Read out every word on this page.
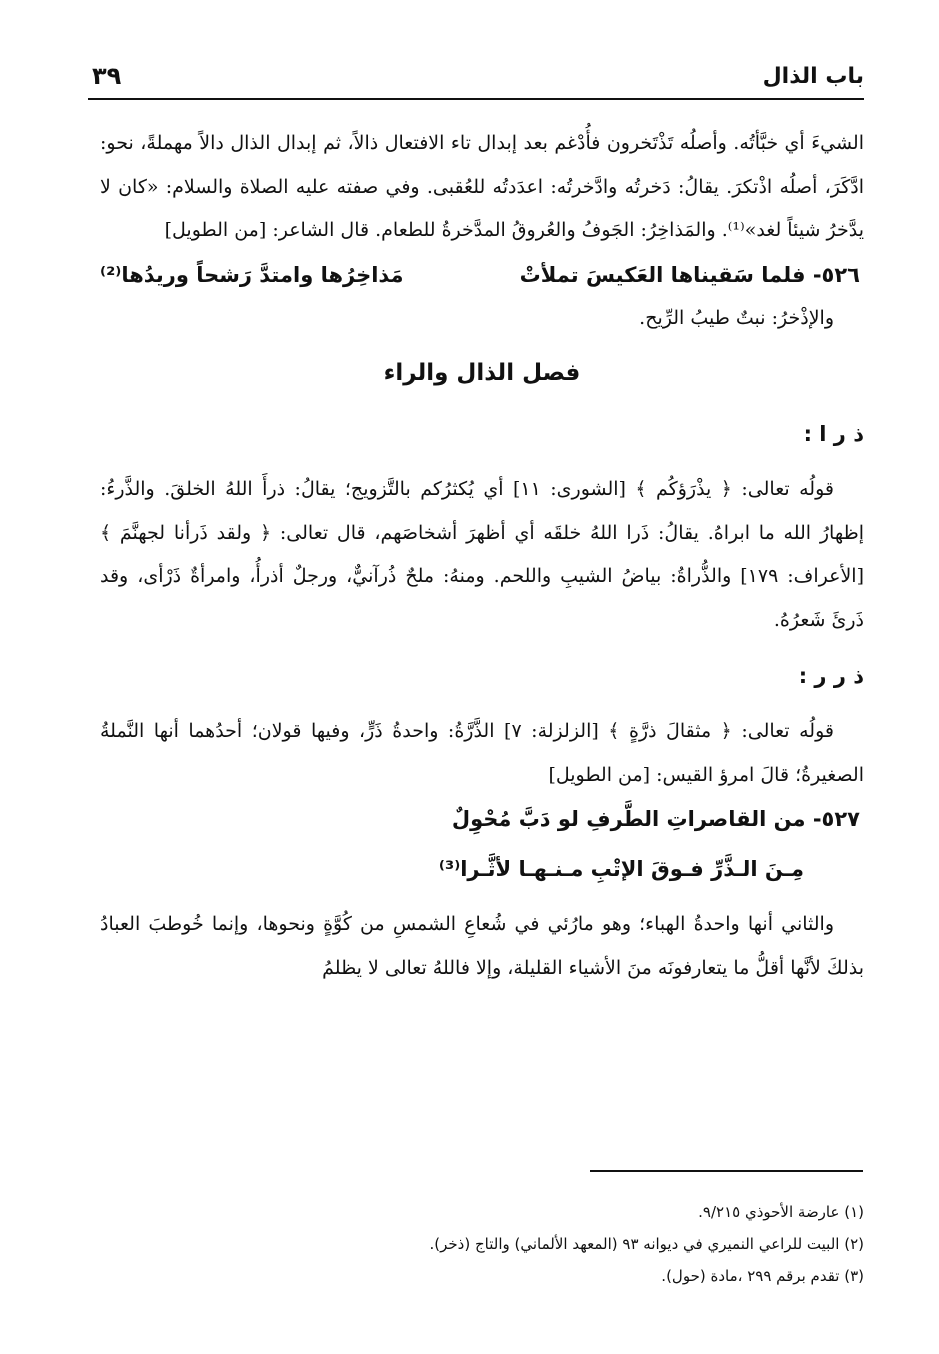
باب الذال
٣٩

الشيءَ أي خبَّأتُه. وأصلُه تَذْتَخرون فأُدْغم بعد إبدال تاء الافتعال ذالاً، ثم إبدال الذال دالاً مهملةً، نحو: ادَّكَرَ، أصلُه اذْتكرَ. يقالُ: دَخرتُه وادَّخرتُه: اعدَدتُه للعُقبى. وفي صفته عليه الصلاة والسلام: «كان لا يدَّخرُ شيئاً لغد»⁽¹⁾. والمَذاخِرُ: الجَوفُ والعُروقُ المدَّخرةُ للطعام. قال الشاعر: [من الطويل]

٥٢٦- فلما سَقيناها العَكيسَ تملأتْ
مَذاخِرُها وامتدَّ رَشحاً وريدُها⁽²⁾

والإذْخرُ: نبتٌ طيبُ الرِّيح.

فصل الذال والراء

ذ ر ا :

قولُه تعالى: ﴿ يذْرَؤكُم ﴾ [الشورى: ١١] أي يُكثرُكم بالتَّزويج؛ يقالُ: ذرأَ اللهُ الخلقَ. والذَّرءُ: إظهارُ الله ما ابراهُ. يقالُ: ذَرا اللهُ خلقَه أي أظهرَ أشخاصَهم، قال تعالى: ﴿ ولقد ذَرأنا لجهنَّمَ ﴾ [الأعراف: ١٧٩] والذُّراةُ: بياضُ الشيبِ واللحم. ومنهُ: ملحٌ ذُرآنيٌّ، ورجلٌ أذرأُ، وامرأةٌ ذَرْأى، وقد ذَرئَ شَعرُهُ.

ذ ر ر :

قولُه تعالى: ﴿ مثقالَ ذرَّةٍ ﴾ [الزلزلة: ٧] الذَّرَّةُ: واحدةُ ذَرٍّ، وفيها قولان؛ أحدُهما أنها النَّملةُ الصغيرةُ؛ قالَ امرؤ القيس: [من الطويل]

٥٢٧- من القاصراتِ الطَّرفِ لو دَبَّ مُحْوِلٌ

مِـنَ الـذَّرِّ فـوقَ الإتْبِ مـنـهـا لأثَّـرا⁽³⁾

والثاني أنها واحدةُ الهباء؛ وهو مارُئي في شُعاعِ الشمسِ من كُوَّةٍ ونحوها، وإنما خُوطبَ العبادُ بذلكَ لأنَّها أقلُّ ما يتعارفونَه منَ الأشياء القليلة، وإلا فاللهُ تعالى لا يظلمُ

(١) عارضة الأحوذي ٩/٢١٥.

(٢) البيت للراعي النميري في ديوانه ٩٣ (المعهد الألماني) والتاج (ذخر).

(٣) تقدم برقم ٢٩٩ ،مادة (حول).
